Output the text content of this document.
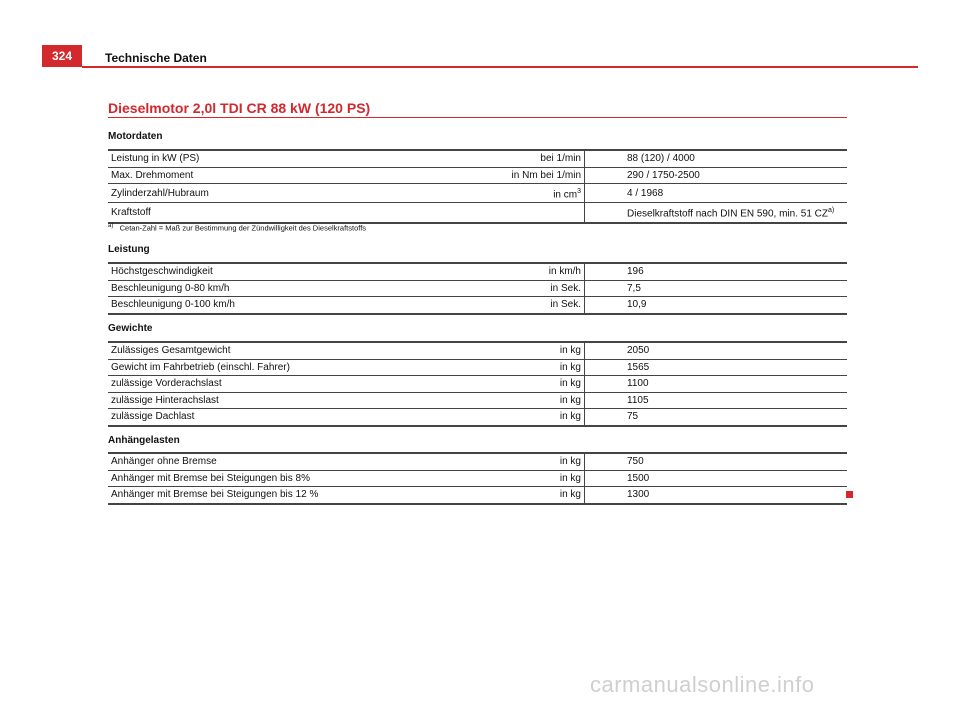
324	Technische Daten
Dieselmotor 2,0l TDI CR 88 kW (120 PS)
Motordaten
Leistung in kW (PS)	bei 1/min	88 (120) / 4000
Max. Drehmoment	in Nm bei 1/min	290 / 1750-2500
Zylinderzahl/Hubraum	in $cm^3$	4 / 1968
Kraftstoff		Dieselkraftstoff nach DIN EN 590, min. 51 CZ$^{a)}$
$^{a)}$ Cetan-Zahl = Maß zur Bestimmung der Zündwilligkeit des Dieselkraftstoffs
Leistung
Höchstgeschwindigkeit	in km/h	196
Beschleunigung 0-80 km/h	in Sek.	7,5
Beschleunigung 0-100 km/h	in Sek.	10,9
Gewichte
Zulässiges Gesamtgewicht	in kg	2050
Gewicht im Fahrbetrieb (einschl. Fahrer)	in kg	1565
zulässige Vorderachslast	in kg	1100
zulässige Hinterachslast	in kg	1105
zulässige Dachlast	in kg	75
Anhängelasten
Anhänger ohne Bremse	in kg	750
Anhänger mit Bremse bei Steigungen bis 8%	in kg	1500
Anhänger mit Bremse bei Steigungen bis 12 %	in kg	1300
carmanualsonline.info
